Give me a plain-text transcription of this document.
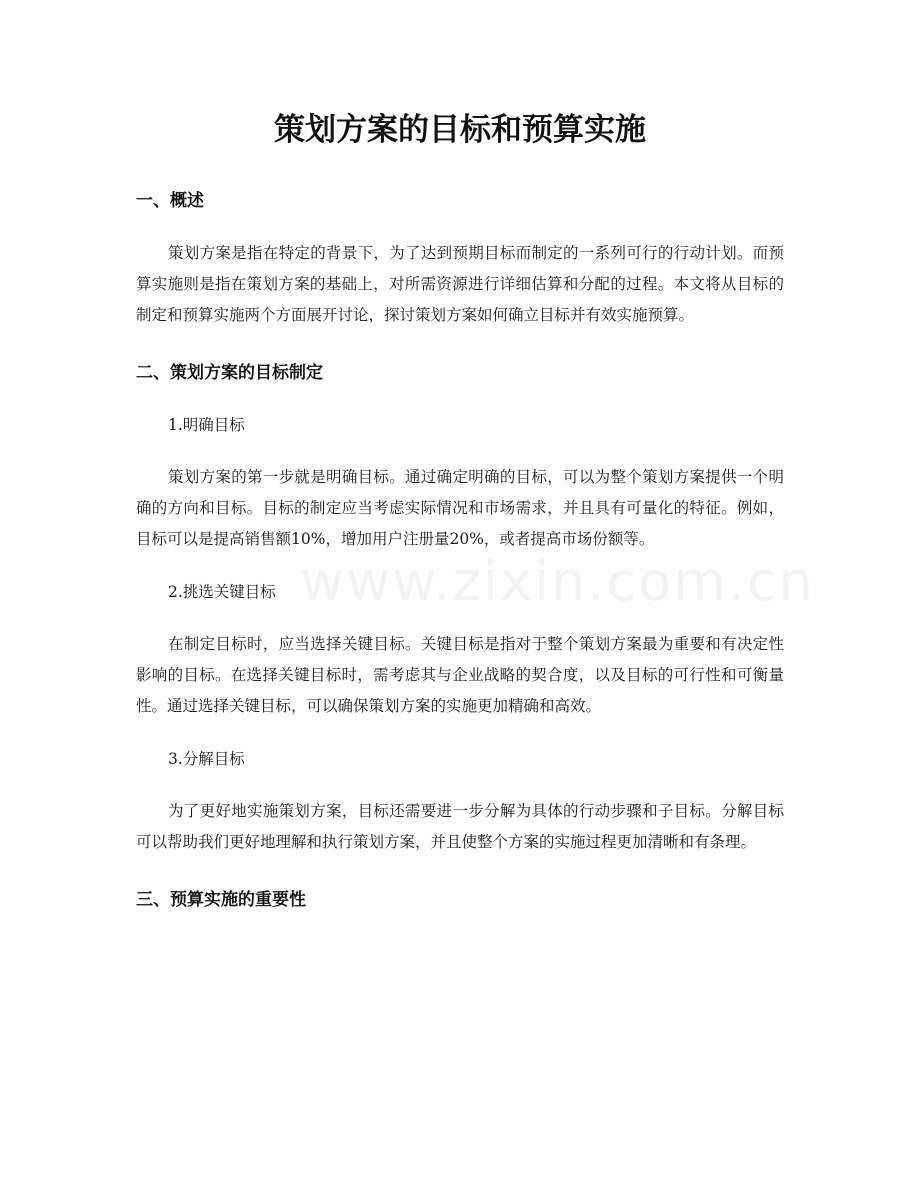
www.zixin.com.cn
策划方案的目标和预算实施
一、概述

策划方案是指在特定的背景下，为了达到预期目标而制定的一系列可行的行动计划。而预算实施则是指在策划方案的基础上，对所需资源进行详细估算和分配的过程。本文将从目标的制定和预算实施两个方面展开讨论，探讨策划方案如何确立目标并有效实施预算。

二、策划方案的目标制定

1.明确目标

策划方案的第一步就是明确目标。通过确定明确的目标，可以为整个策划方案提供一个明确的方向和目标。目标的制定应当考虑实际情况和市场需求，并且具有可量化的特征。例如，目标可以是提高销售额10%，增加用户注册量20%，或者提高市场份额等。

2.挑选关键目标

在制定目标时，应当选择关键目标。关键目标是指对于整个策划方案最为重要和有决定性影响的目标。在选择关键目标时，需考虑其与企业战略的契合度，以及目标的可行性和可衡量性。通过选择关键目标，可以确保策划方案的实施更加精确和高效。

3.分解目标

为了更好地实施策划方案，目标还需要进一步分解为具体的行动步骤和子目标。分解目标可以帮助我们更好地理解和执行策划方案，并且使整个方案的实施过程更加清晰和有条理。

三、预算实施的重要性
